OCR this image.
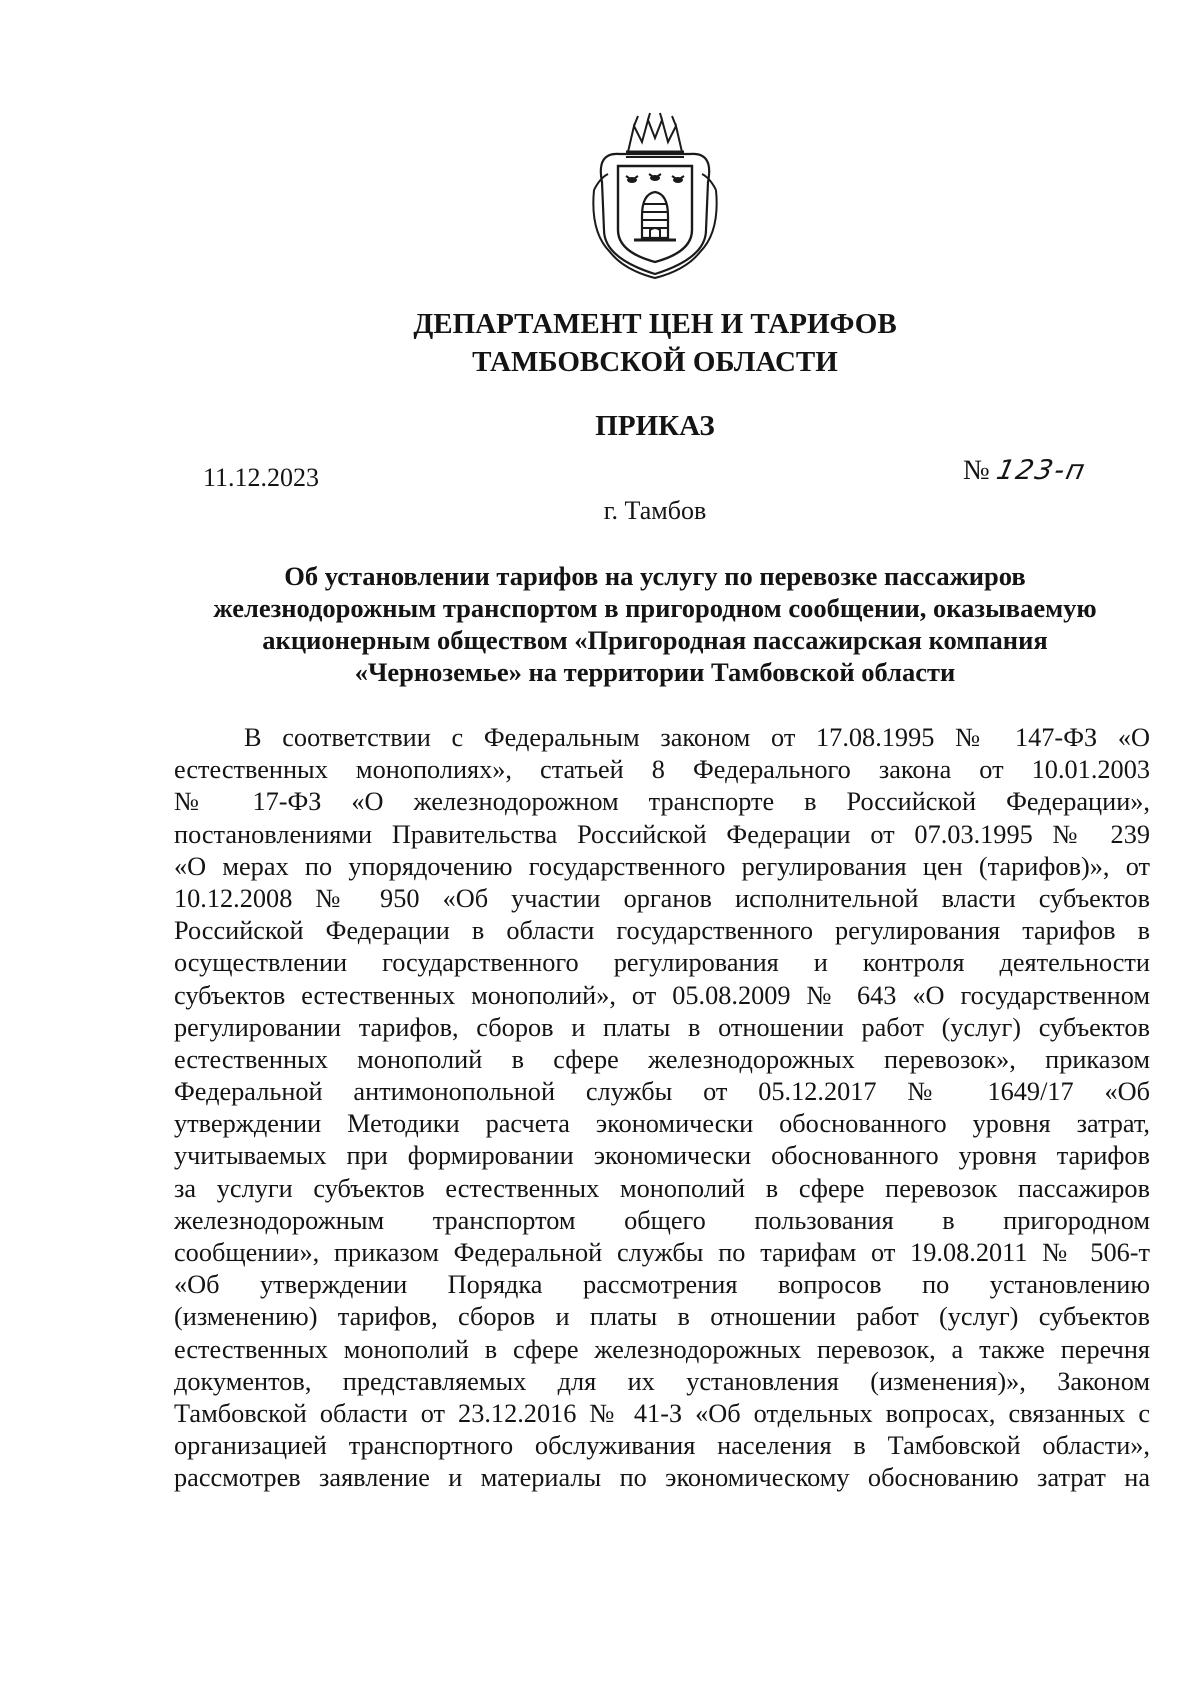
ДЕПАРТАМЕНТ ЦЕН И ТАРИФОВ
ТАМБОВСКОЙ ОБЛАСТИ
ПРИКАЗ
11.12.2023	№ 123-п
г. Тамбов
Об установлении тарифов на услугу по перевозке пассажиров
железнодорожным транспортом в пригородном сообщении, оказываемую
акционерным обществом «Пригородная пассажирская компания
«Черноземье» на территории Тамбовской области
В соответствии с Федеральным законом от 17.08.1995 № 147-ФЗ «О
естественных монополиях», статьей 8 Федерального закона от 10.01.2003
№ 17-ФЗ «О железнодорожном транспорте в Российской Федерации»,
постановлениями Правительства Российской Федерации от 07.03.1995 № 239
«О мерах по упорядочению государственного регулирования цен (тарифов)», от
10.12.2008 № 950 «Об участии органов исполнительной власти субъектов
Российской Федерации в области государственного регулирования тарифов в
осуществлении государственного регулирования и контроля деятельности
субъектов естественных монополий», от 05.08.2009 № 643 «О государственном
регулировании тарифов, сборов и платы в отношении работ (услуг) субъектов
естественных монополий в сфере железнодорожных перевозок», приказом
Федеральной антимонопольной службы от 05.12.2017 № 1649/17 «Об
утверждении Методики расчета экономически обоснованного уровня затрат,
учитываемых при формировании экономически обоснованного уровня тарифов
за услуги субъектов естественных монополий в сфере перевозок пассажиров
железнодорожным транспортом общего пользования в пригородном
сообщении», приказом Федеральной службы по тарифам от 19.08.2011 № 506-т
«Об утверждении Порядка рассмотрения вопросов по установлению
(изменению) тарифов, сборов и платы в отношении работ (услуг) субъектов
естественных монополий в сфере железнодорожных перевозок, а также перечня
документов, представляемых для их установления (изменения)», Законом
Тамбовской области от 23.12.2016 № 41-З «Об отдельных вопросах, связанных с
организацией транспортного обслуживания населения в Тамбовской области»,
рассмотрев заявление и материалы по экономическому обоснованию затрат на
